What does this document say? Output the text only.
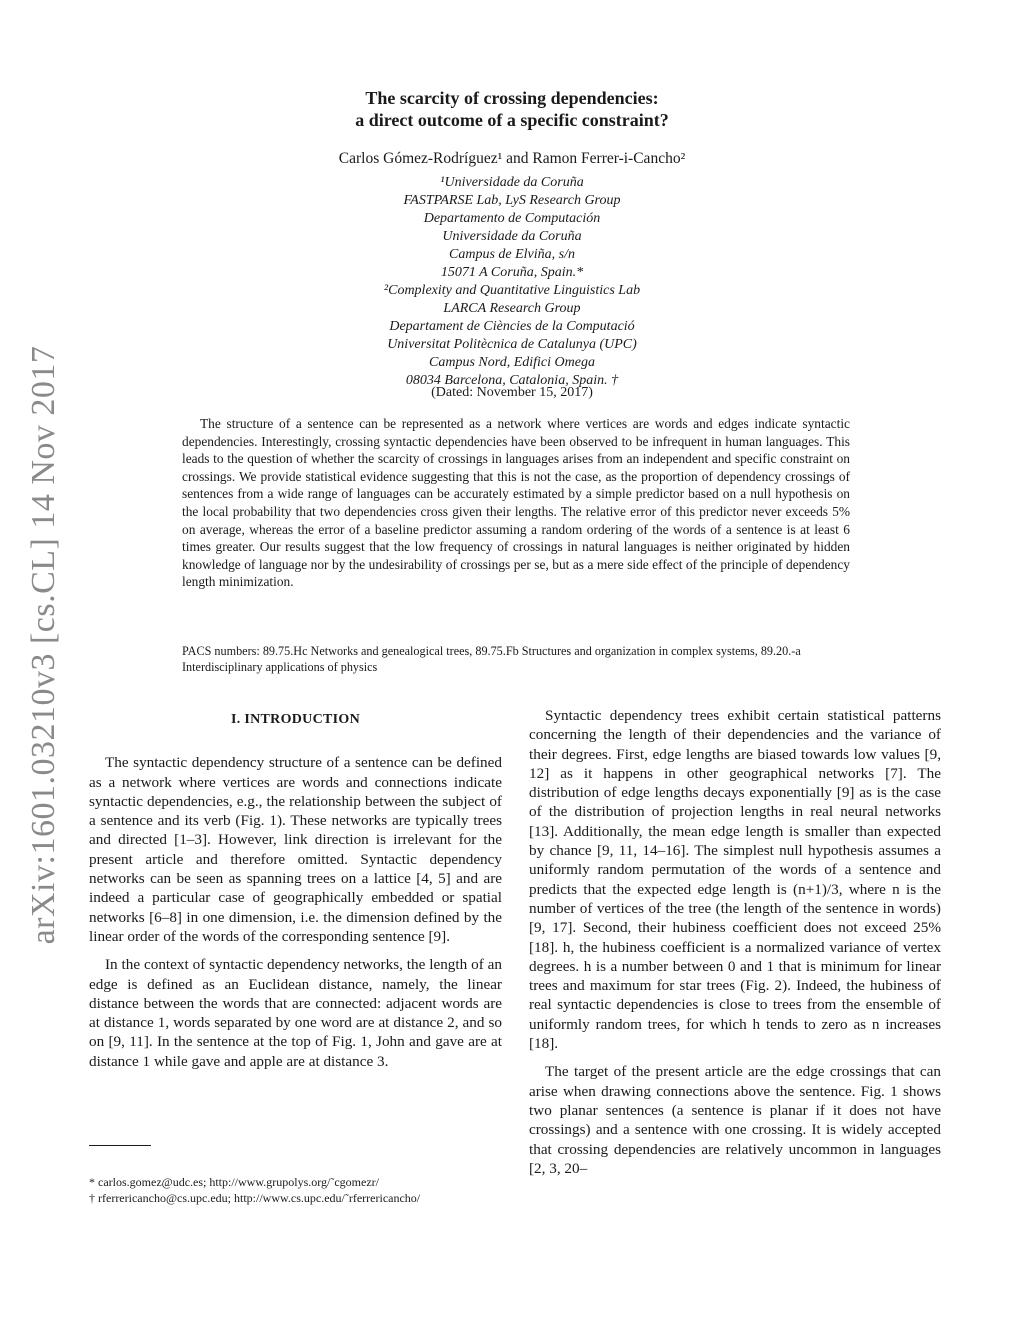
arXiv:1601.03210v3 [cs.CL] 14 Nov 2017
The scarcity of crossing dependencies:
a direct outcome of a specific constraint?
Carlos Gómez-Rodríguez¹ and Ramon Ferrer-i-Cancho²
¹Universidade da Coruña
FASTPARSE Lab, LyS Research Group
Departamento de Computación
Universidade da Coruña
Campus de Elviña, s/n
15071 A Coruña, Spain.*
²Complexity and Quantitative Linguistics Lab
LARCA Research Group
Departament de Ciències de la Computació
Universitat Politècnica de Catalunya (UPC)
Campus Nord, Edifici Omega
08034 Barcelona, Catalonia, Spain. †
(Dated: November 15, 2017)

The structure of a sentence can be represented as a network where vertices are words and edges indicate syntactic dependencies. Interestingly, crossing syntactic dependencies have been observed to be infrequent in human languages. This leads to the question of whether the scarcity of crossings in languages arises from an independent and specific constraint on crossings. We provide statistical evidence suggesting that this is not the case, as the proportion of dependency crossings of sentences from a wide range of languages can be accurately estimated by a simple predictor based on a null hypothesis on the local probability that two dependencies cross given their lengths. The relative error of this predictor never exceeds 5% on average, whereas the error of a baseline predictor assuming a random ordering of the words of a sentence is at least 6 times greater. Our results suggest that the low frequency of crossings in natural languages is neither originated by hidden knowledge of language nor by the undesirability of crossings per se, but as a mere side effect of the principle of dependency length minimization.

PACS numbers: 89.75.Hc Networks and genealogical trees, 89.75.Fb Structures and organization in complex systems, 89.20.-a Interdisciplinary applications of physics
I. INTRODUCTION

The syntactic dependency structure of a sentence can be defined as a network where vertices are words and connections indicate syntactic dependencies, e.g., the relationship between the subject of a sentence and its verb (Fig. 1). These networks are typically trees and directed [1–3]. However, link direction is irrelevant for the present article and therefore omitted. Syntactic dependency networks can be seen as spanning trees on a lattice [4, 5] and are indeed a particular case of geographically embedded or spatial networks [6–8] in one dimension, i.e. the dimension defined by the linear order of the words of the corresponding sentence [9].

In the context of syntactic dependency networks, the length of an edge is defined as an Euclidean distance, namely, the linear distance between the words that are connected: adjacent words are at distance 1, words separated by one word are at distance 2, and so on [9, 11]. In the sentence at the top of Fig. 1, John and gave are at distance 1 while gave and apple are at distance 3.

Syntactic dependency trees exhibit certain statistical patterns concerning the length of their dependencies and the variance of their degrees. First, edge lengths are biased towards low values [9, 12] as it happens in other geographical networks [7]. The distribution of edge lengths decays exponentially [9] as is the case of the distribution of projection lengths in real neural networks [13]. Additionally, the mean edge length is smaller than expected by chance [9, 11, 14–16]. The simplest null hypothesis assumes a uniformly random permutation of the words of a sentence and predicts that the expected edge length is (n+1)/3, where n is the number of vertices of the tree (the length of the sentence in words) [9, 17]. Second, their hubiness coefficient does not exceed 25% [18]. h, the hubiness coefficient is a normalized variance of vertex degrees. h is a number between 0 and 1 that is minimum for linear trees and maximum for star trees (Fig. 2). Indeed, the hubiness of real syntactic dependencies is close to trees from the ensemble of uniformly random trees, for which h tends to zero as n increases [18].

The target of the present article are the edge crossings that can arise when drawing connections above the sentence. Fig. 1 shows two planar sentences (a sentence is planar if it does not have crossings) and a sentence with one crossing. It is widely accepted that crossing dependencies are relatively uncommon in languages [2, 3, 20–

* carlos.gomez@udc.es; http://www.grupolys.org/˜cgomezr/
† rferrericancho@cs.upc.edu; http://www.cs.upc.edu/˜rferrericancho/
